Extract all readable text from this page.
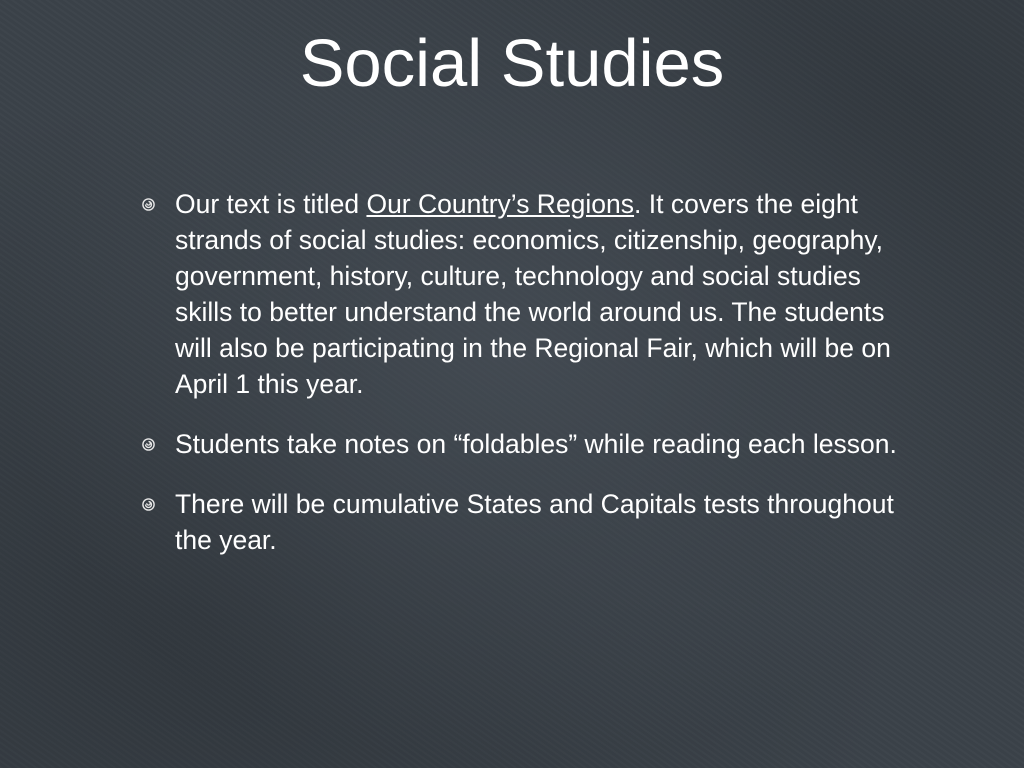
Social Studies
Our text is titled Our Country’s Regions. It covers the eight strands of social studies: economics, citizenship, geography, government, history, culture, technology and social studies skills to better understand the world around us. The students will also be participating in the Regional Fair, which will be on April 1 this year.
Students take notes on “foldables” while reading each lesson.
There will be cumulative States and Capitals tests throughout the year.
